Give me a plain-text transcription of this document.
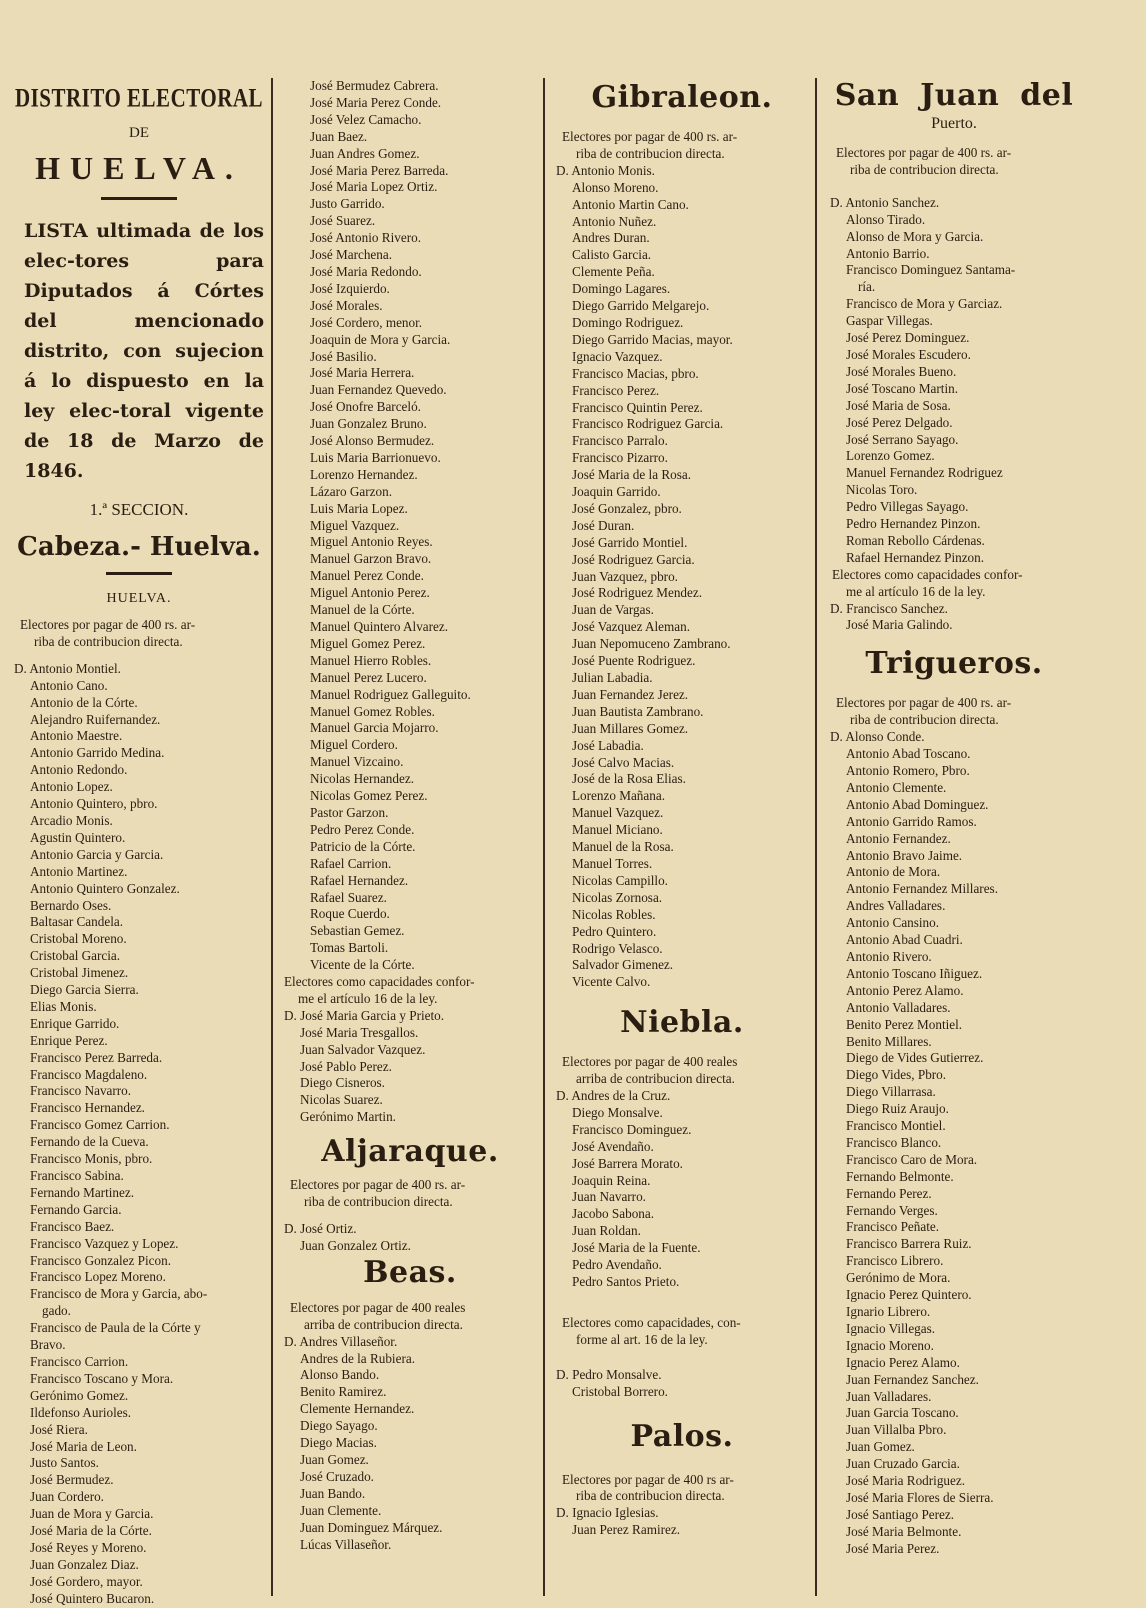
DISTRITO ELECTORAL
DE
HUELVA.
LISTA ultimada de los elec-tores para Diputados á Córtes del mencionado distrito, con sujecion á lo dispuesto en la ley elec-toral vigente de 18 de Marzo de 1846.
1.ª SECCION.
Cabeza.- Huelva.
HUELVA.
Electores por pagar de 400 rs. ar-
riba de contribucion directa.
D. Antonio Montiel.
Antonio Cano.
Antonio de la Córte.
Alejandro Ruifernandez.
Antonio Maestre.
Antonio Garrido Medina.
Antonio Redondo.
Antonio Lopez.
Antonio Quintero, pbro.
Arcadio Monis.
Agustin Quintero.
Antonio Garcia y Garcia.
Antonio Martinez.
Antonio Quintero Gonzalez.
Bernardo Oses.
Baltasar Candela.
Cristobal Moreno.
Cristobal Garcia.
Cristobal Jimenez.
Diego Garcia Sierra.
Elias Monis.
Enrique Garrido.
Enrique Perez.
Francisco Perez Barreda.
Francisco Magdaleno.
Francisco Navarro.
Francisco Hernandez.
Francisco Gomez Carrion.
Fernando de la Cueva.
Francisco Monis, pbro.
Francisco Sabina.
Fernando Martinez.
Fernando Garcia.
Francisco Baez.
Francisco Vazquez y Lopez.
Francisco Gonzalez Picon.
Francisco Lopez Moreno.
Francisco de Mora y Garcia, abo-
gado.
Francisco de Paula de la Córte y
Bravo.
Francisco Carrion.
Francisco Toscano y Mora.
Gerónimo Gomez.
Ildefonso Aurioles.
José Riera.
José Maria de Leon.
Justo Santos.
José Bermudez.
Juan Cordero.
Juan de Mora y Garcia.
José Maria de la Córte.
José Reyes y Moreno.
Juan Gonzalez Diaz.
José Gordero, mayor.
José Quintero Bucaron.
José Bermudez Cabrera.
José Maria Perez Conde.
José Velez Camacho.
Juan Baez.
Juan Andres Gomez.
José Maria Perez Barreda.
José Maria Lopez Ortiz.
Justo Garrido.
José Suarez.
José Antonio Rivero.
José Marchena.
José Maria Redondo.
José Izquierdo.
José Morales.
José Cordero, menor.
Joaquin de Mora y Garcia.
José Basilio.
José Maria Herrera.
Juan Fernandez Quevedo.
José Onofre Barceló.
Juan Gonzalez Bruno.
José Alonso Bermudez.
Luis Maria Barrionuevo.
Lorenzo Hernandez.
Lázaro Garzon.
Luis Maria Lopez.
Miguel Vazquez.
Miguel Antonio Reyes.
Manuel Garzon Bravo.
Manuel Perez Conde.
Miguel Antonio Perez.
Manuel de la Córte.
Manuel Quintero Alvarez.
Miguel Gomez Perez.
Manuel Hierro Robles.
Manuel Perez Lucero.
Manuel Rodriguez Galleguito.
Manuel Gomez Robles.
Manuel Garcia Mojarro.
Miguel Cordero.
Manuel Vizcaino.
Nicolas Hernandez.
Nicolas Gomez Perez.
Pastor Garzon.
Pedro Perez Conde.
Patricio de la Córte.
Rafael Carrion.
Rafael Hernandez.
Rafael Suarez.
Roque Cuerdo.
Sebastian Gemez.
Tomas Bartoli.
Vicente de la Córte.
Electores como capacidades confor-
me el artículo 16 de la ley.
D. José Maria Garcia y Prieto.
José Maria Tresgallos.
Juan Salvador Vazquez.
José Pablo Perez.
Diego Cisneros.
Nicolas Suarez.
Gerónimo Martin.
Aljaraque.
Electores por pagar de 400 rs. ar-
riba de contribucion directa.
D. José Ortiz.
Juan Gonzalez Ortiz.
Beas.
Electores por pagar de 400 reales
arriba de contribucion directa.
D. Andres Villaseñor.
Andres de la Rubiera.
Alonso Bando.
Benito Ramirez.
Clemente Hernandez.
Diego Sayago.
Diego Macias.
Juan Gomez.
José Cruzado.
Juan Bando.
Juan Clemente.
Juan Dominguez Márquez.
Lúcas Villaseñor.
Gibraleon.
Electores por pagar de 400 rs. ar-
riba de contribucion directa.
D. Antonio Monis.
Alonso Moreno.
Antonio Martin Cano.
Antonio Nuñez.
Andres Duran.
Calisto Garcia.
Clemente Peña.
Domingo Lagares.
Diego Garrido Melgarejo.
Domingo Rodriguez.
Diego Garrido Macias, mayor.
Ignacio Vazquez.
Francisco Macias, pbro.
Francisco Perez.
Francisco Quintin Perez.
Francisco Rodriguez Garcia.
Francisco Parralo.
Francisco Pizarro.
José Maria de la Rosa.
Joaquin Garrido.
José Gonzalez, pbro.
José Duran.
José Garrido Montiel.
José Rodriguez Garcia.
Juan Vazquez, pbro.
José Rodriguez Mendez.
Juan de Vargas.
José Vazquez Aleman.
Juan Nepomuceno Zambrano.
José Puente Rodriguez.
Julian Labadia.
Juan Fernandez Jerez.
Juan Bautista Zambrano.
Juan Millares Gomez.
José Labadia.
José Calvo Macias.
José de la Rosa Elias.
Lorenzo Mañana.
Manuel Vazquez.
Manuel Miciano.
Manuel de la Rosa.
Manuel Torres.
Nicolas Campillo.
Nicolas Zornosa.
Nicolas Robles.
Pedro Quintero.
Rodrigo Velasco.
Salvador Gimenez.
Vicente Calvo.
Niebla.
Electores por pagar de 400 reales
arriba de contribucion directa.
D. Andres de la Cruz.
Diego Monsalve.
Francisco Dominguez.
José Avendaño.
José Barrera Morato.
Joaquin Reina.
Juan Navarro.
Jacobo Sabona.
Juan Roldan.
José Maria de la Fuente.
Pedro Avendaño.
Pedro Santos Prieto.
Electores como capacidades, con-
forme al art. 16 de la ley.
D. Pedro Monsalve.
Cristobal Borrero.
Palos.
Electores por pagar de 400 rs ar-
riba de contribucion directa.
D. Ignacio Iglesias.
Juan Perez Ramirez.
San Juan del
Puerto.
Electores por pagar de 400 rs. ar-
riba de contribucion directa.
D. Antonio Sanchez.
Alonso Tirado.
Alonso de Mora y Garcia.
Antonio Barrio.
Francisco Dominguez Santama-
ría.
Francisco de Mora y Garciaz.
Gaspar Villegas.
José Perez Dominguez.
José Morales Escudero.
José Morales Bueno.
José Toscano Martin.
José Maria de Sosa.
José Perez Delgado.
José Serrano Sayago.
Lorenzo Gomez.
Manuel Fernandez Rodriguez
Nicolas Toro.
Pedro Villegas Sayago.
Pedro Hernandez Pinzon.
Roman Rebollo Cárdenas.
Rafael Hernandez Pinzon.
Electores como capacidades confor-
me al artículo 16 de la ley.
D. Francisco Sanchez.
José Maria Galindo.
Trigueros.
Electores por pagar de 400 rs. ar-
riba de contribucion directa.
D. Alonso Conde.
Antonio Abad Toscano.
Antonio Romero, Pbro.
Antonio Clemente.
Antonio Abad Dominguez.
Antonio Garrido Ramos.
Antonio Fernandez.
Antonio Bravo Jaime.
Antonio de Mora.
Antonio Fernandez Millares.
Andres Valladares.
Antonio Cansino.
Antonio Abad Cuadri.
Antonio Rivero.
Antonio Toscano Iñiguez.
Antonio Perez Alamo.
Antonio Valladares.
Benito Perez Montiel.
Benito Millares.
Diego de Vides Gutierrez.
Diego Vides, Pbro.
Diego Villarrasa.
Diego Ruiz Araujo.
Francisco Montiel.
Francisco Blanco.
Francisco Caro de Mora.
Fernando Belmonte.
Fernando Perez.
Fernando Verges.
Francisco Peñate.
Francisco Barrera Ruiz.
Francisco Librero.
Gerónimo de Mora.
Ignacio Perez Quintero.
Ignario Librero.
Ignacio Villegas.
Ignacio Moreno.
Ignacio Perez Alamo.
Juan Fernandez Sanchez.
Juan Valladares.
Juan Garcia Toscano.
Juan Villalba Pbro.
Juan Gomez.
Juan Cruzado Garcia.
José Maria Rodriguez.
José Maria Flores de Sierra.
José Santiago Perez.
José Maria Belmonte.
José Maria Perez.
